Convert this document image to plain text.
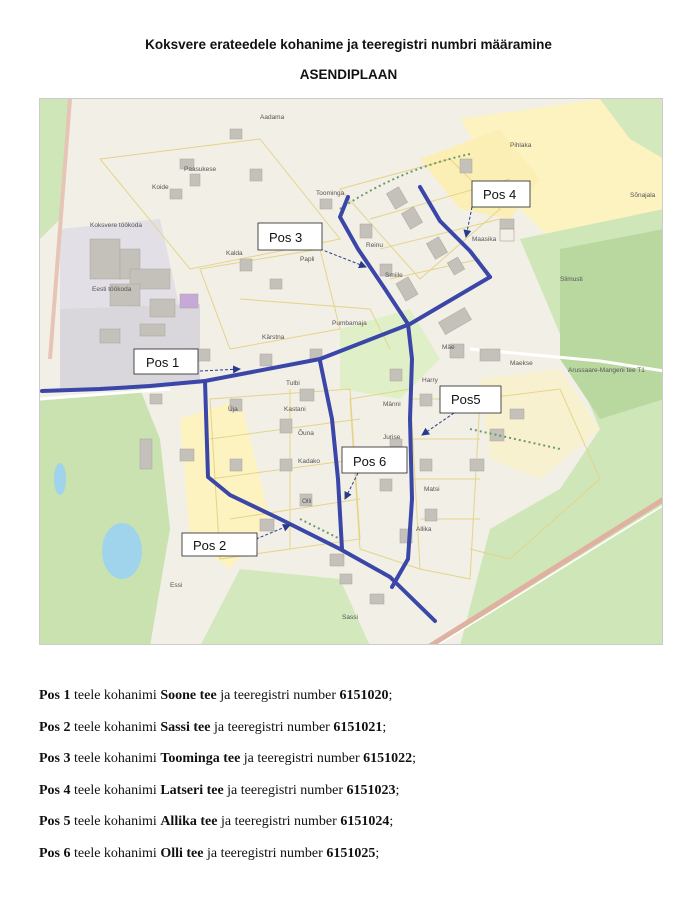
Koksvere erateedele kohanime ja teeregistri numbri määramine
ASENDIPLAAN
Aadama
Pihlaka
Sõnajala
Paasukese
Koide
Koksvere töökoda
Toominga
Reinu
Maasika
Kalda
Papli
Smiile
Slimusti
Eesti töökoda
Pumbamaja
Kärstna
Mäe
Maekse
Arussaare-Mangeni tee T1
Tulbi
Kastani
Üja
Harry
Männi
Jurise
Õuna
Kadako
Olli
Matsi
Allika
Essi
Sassi
Pos 1
Pos 2
Pos 3
Pos 4
Pos5
Pos 6
Pos 1 teele kohanimi Soone tee ja teeregistri number 6151020;
Pos 2 teele kohanimi Sassi tee ja teeregistri number 6151021;
Pos 3 teele kohanimi Toominga tee ja teeregistri number 6151022;
Pos 4 teele kohanimi Latseri tee ja teeregistri number 6151023;
Pos 5 teele kohanimi Allika tee ja teeregistri number 6151024;
Pos 6 teele kohanimi Olli tee ja teeregistri number 6151025;
